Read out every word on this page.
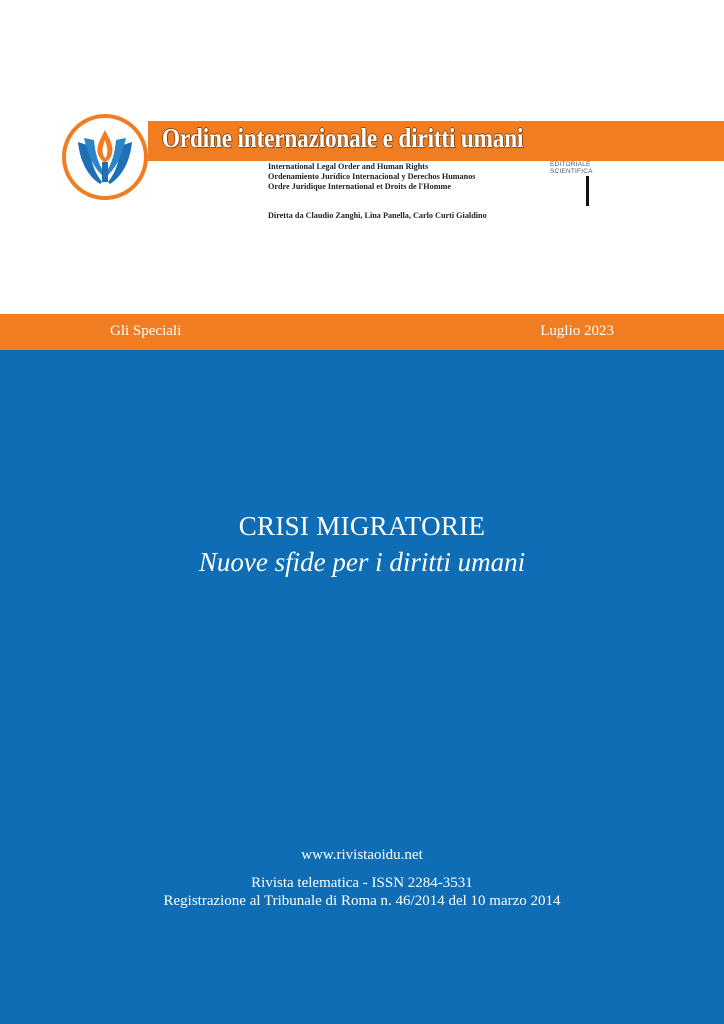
Ordine internazionale e diritti umani
International Legal Order and Human Rights
Ordenamiento Jurídico Internacional y Derechos Humanos
Ordre Juridique International et Droits de l'Homme
Diretta da Claudio Zanghì, Lina Panella, Carlo Curti Gialdino
EDITORIALE
SCIENTIFICA
Gli Speciali	Luglio 2023
CRISI MIGRATORIE
Nuove sfide per i diritti umani
www.rivistaoidu.net
Rivista telematica - ISSN 2284-3531
Registrazione al Tribunale di Roma n. 46/2014 del 10 marzo 2014
